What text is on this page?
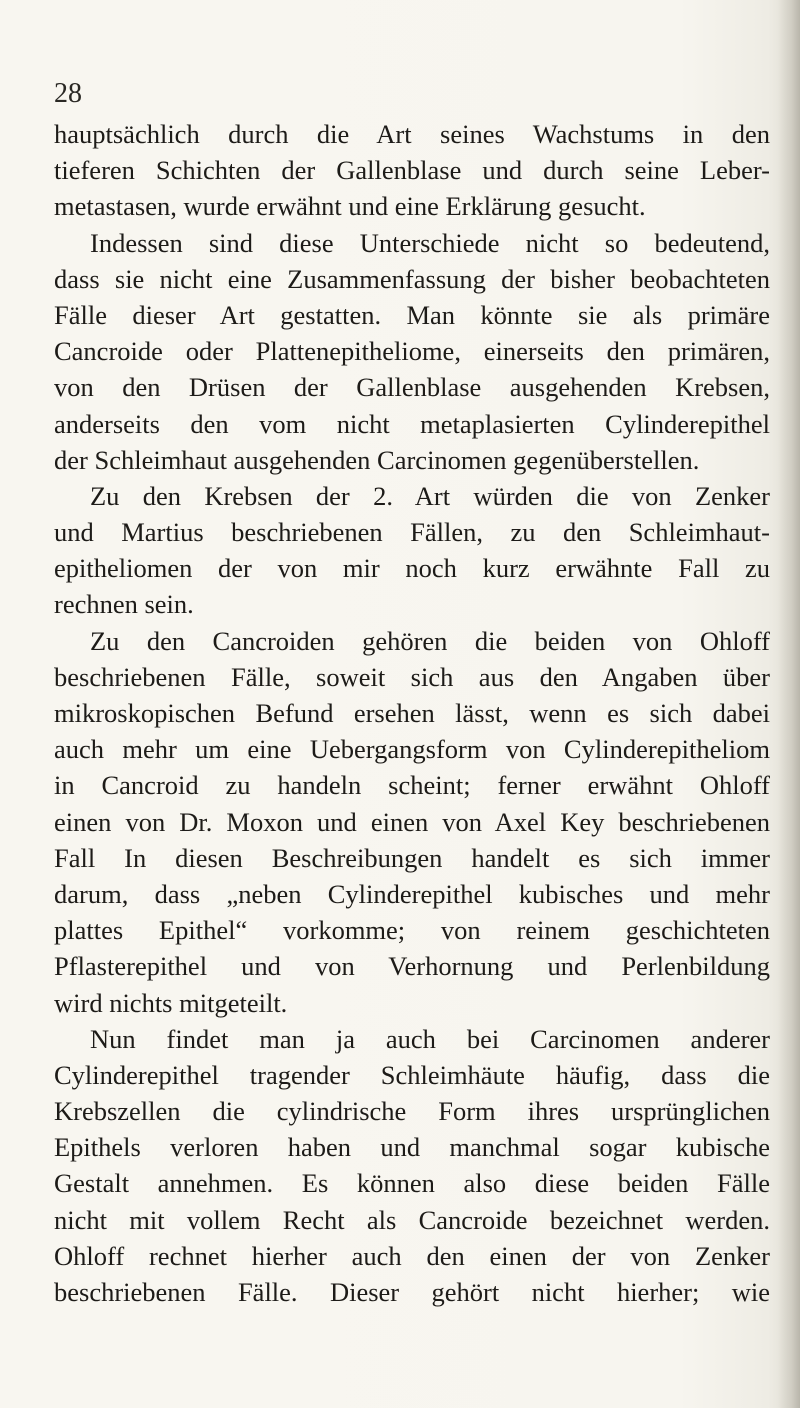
28
hauptsächlich durch die Art seines Wachstums in den
tieferen Schichten der Gallenblase und durch seine Leber-
metastasen, wurde erwähnt und eine Erklärung gesucht.
Indessen sind diese Unterschiede nicht so bedeutend,
dass sie nicht eine Zusammenfassung der bisher beobachteten
Fälle dieser Art gestatten. Man könnte sie als primäre
Cancroide oder Plattenepitheliome, einerseits den primären,
von den Drüsen der Gallenblase ausgehenden Krebsen,
anderseits den vom nicht metaplasierten Cylinderepithel
der Schleimhaut ausgehenden Carcinomen gegenüberstellen.
Zu den Krebsen der 2. Art würden die von Zenker
und Martius beschriebenen Fällen, zu den Schleimhaut-
epitheliomen der von mir noch kurz erwähnte Fall zu
rechnen sein.
Zu den Cancroiden gehören die beiden von Ohloff
beschriebenen Fälle, soweit sich aus den Angaben über
mikroskopischen Befund ersehen lässt, wenn es sich dabei
auch mehr um eine Uebergangsform von Cylinderepitheliom
in Cancroid zu handeln scheint; ferner erwähnt Ohloff
einen von Dr. Moxon und einen von Axel Key beschriebenen
Fall In diesen Beschreibungen handelt es sich immer
darum, dass „neben Cylinderepithel kubisches und mehr
plattes Epithel“ vorkomme; von reinem geschichteten
Pflasterepithel und von Verhornung und Perlenbildung
wird nichts mitgeteilt.
Nun findet man ja auch bei Carcinomen anderer
Cylinderepithel tragender Schleimhäute häufig, dass die
Krebszellen die cylindrische Form ihres ursprünglichen
Epithels verloren haben und manchmal sogar kubische
Gestalt annehmen. Es können also diese beiden Fälle
nicht mit vollem Recht als Cancroide bezeichnet werden.
Ohloff rechnet hierher auch den einen der von Zenker
beschriebenen Fälle. Dieser gehört nicht hierher; wie
